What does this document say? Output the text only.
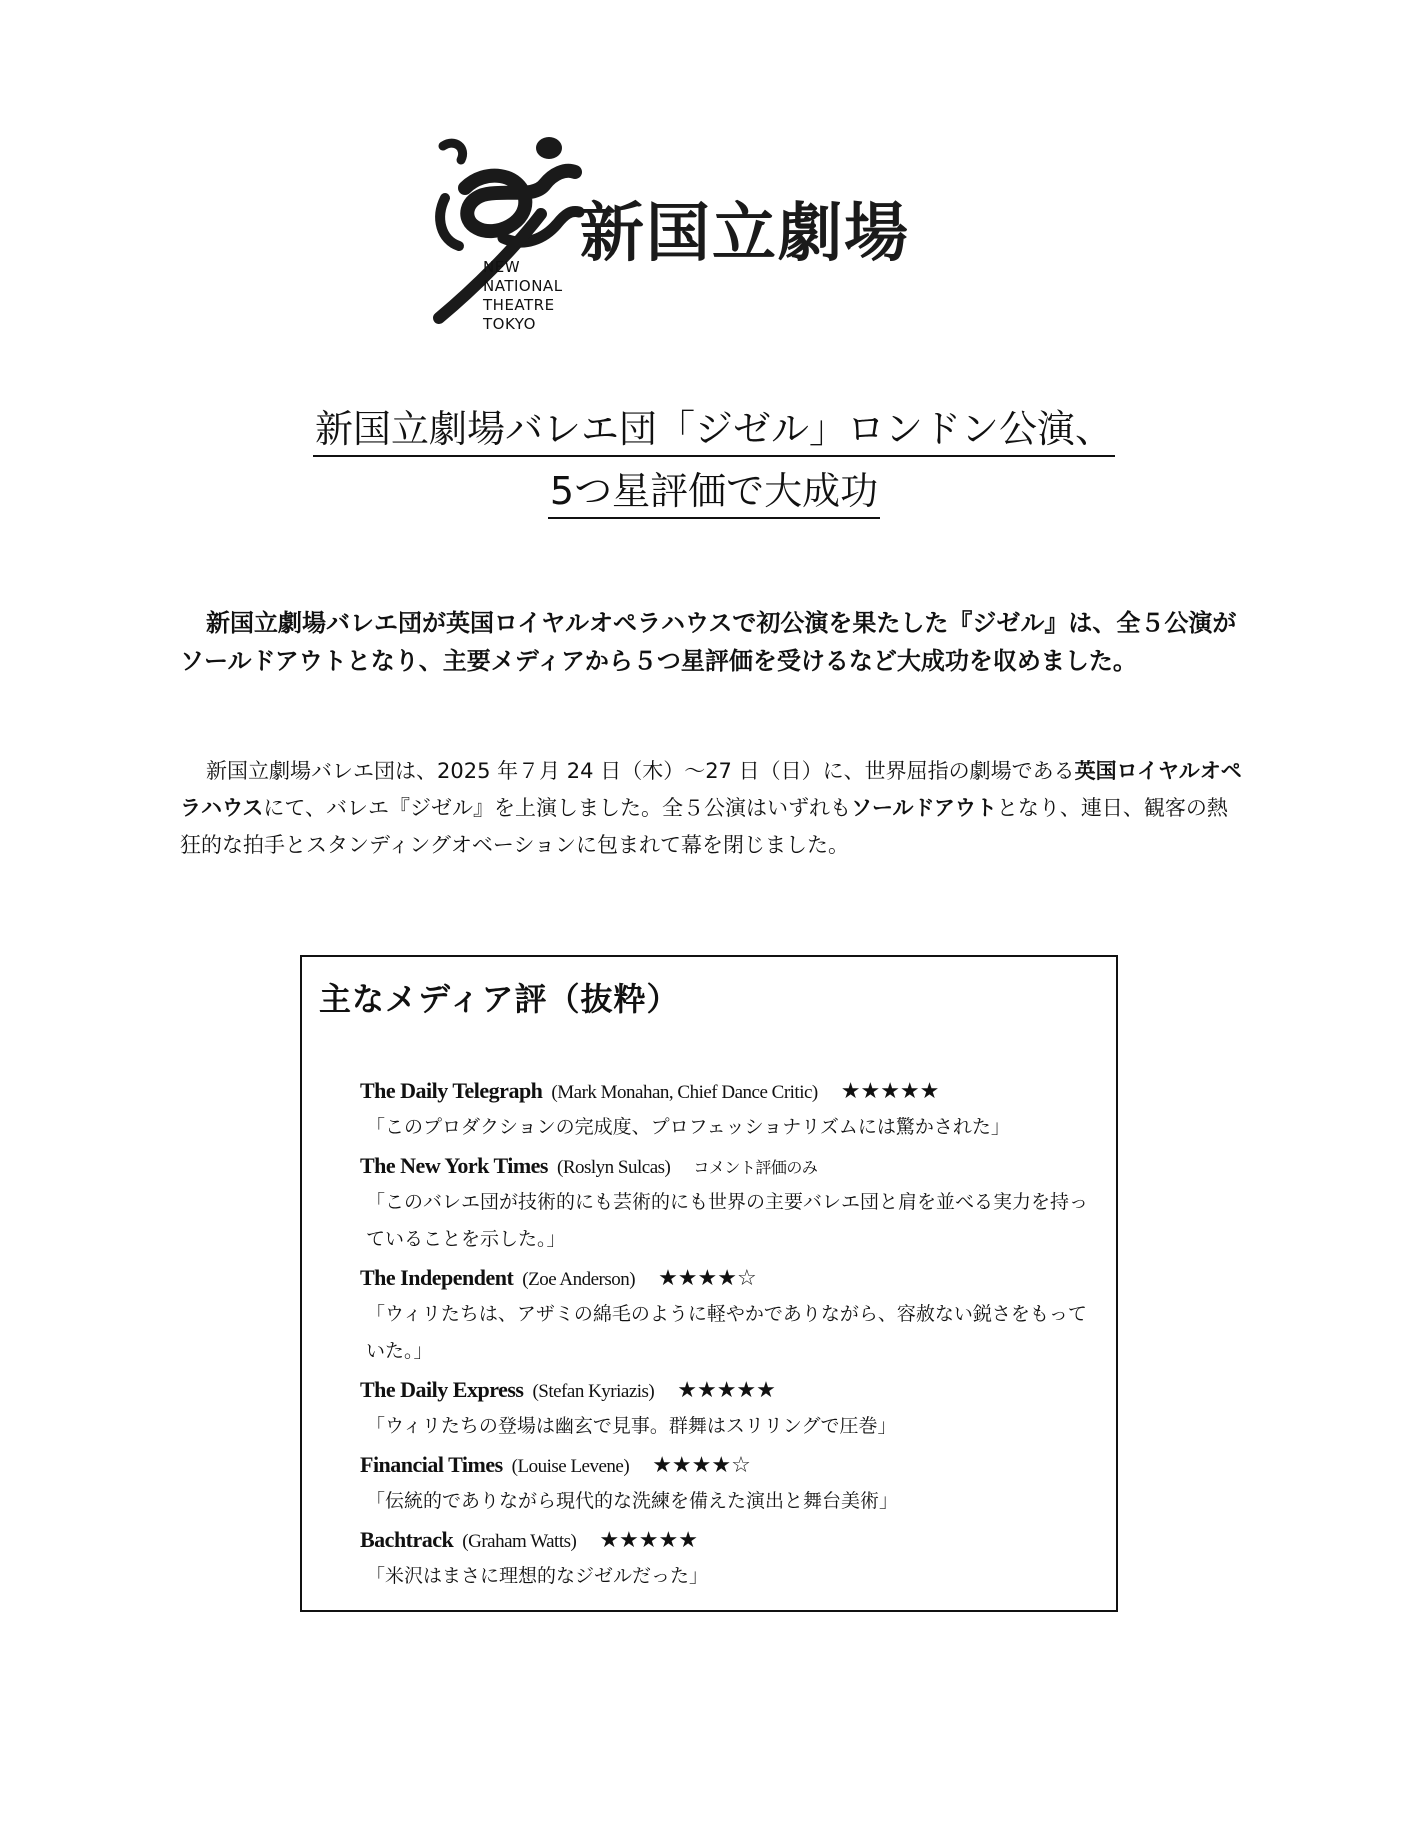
NEW
NATIONAL
THEATRE
TOKYO
新国立劇場
新国立劇場バレエ団「ジゼル」ロンドン公演、
5つ星評価で大成功
新国立劇場バレエ団が英国ロイヤルオペラハウスで初公演を果たした『ジゼル』は、全５公演がソールドアウトとなり、主要メディアから５つ星評価を受けるなど大成功を収めました。
新国立劇場バレエ団は、2025 年７月 24 日（木）～27 日（日）に、世界屈指の劇場である英国ロイヤルオペラハウスにて、バレエ『ジゼル』を上演しました。全５公演はいずれもソールドアウトとなり、連日、観客の熱狂的な拍手とスタンディングオベーションに包まれて幕を閉じました。
主なメディア評（抜粋）
The Daily Telegraph (Mark Monahan, Chief Dance Critic) ★★★★★
「このプロダクションの完成度、プロフェッショナリズムには驚かされた」
The New York Times (Roslyn Sulcas) コメント評価のみ
「このバレエ団が技術的にも芸術的にも世界の主要バレエ団と肩を並べる実力を持っていることを示した。」
The Independent (Zoe Anderson) ★★★★☆
「ウィリたちは、アザミの綿毛のように軽やかでありながら、容赦ない鋭さをもっていた。」
The Daily Express (Stefan Kyriazis) ★★★★★
「ウィリたちの登場は幽玄で見事。群舞はスリリングで圧巻」
Financial Times (Louise Levene) ★★★★☆
「伝統的でありながら現代的な洗練を備えた演出と舞台美術」
Bachtrack (Graham Watts) ★★★★★
「米沢はまさに理想的なジゼルだった」
